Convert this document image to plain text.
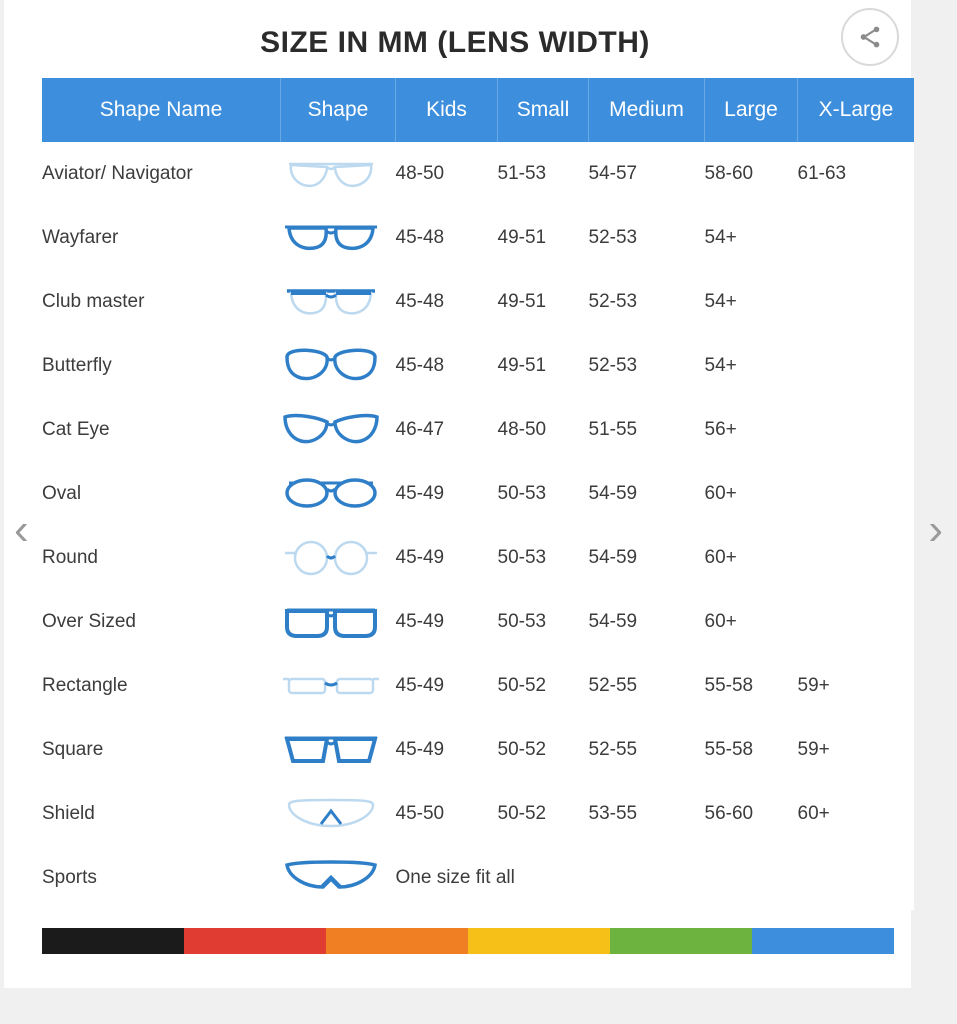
SIZE IN MM (LENS WIDTH)
Shape Name	Shape	Kids	Small	Medium	Large	X-Large
Aviator/ Navigator		48-50	51-53	54-57	58-60	61-63
Wayfarer		45-48	49-51	52-53	54+	
Club master		45-48	49-51	52-53	54+	
Butterfly		45-48	49-51	52-53	54+	
Cat Eye		46-47	48-50	51-55	56+	
Oval		45-49	50-53	54-59	60+	
Round		45-49	50-53	54-59	60+	
Over Sized		45-49	50-53	54-59	60+	
Rectangle		45-49	50-52	52-55	55-58	59+
Square		45-49	50-52	52-55	55-58	59+
Shield		45-50	50-52	53-55	56-60	60+
Sports		One size fit all				
‹	›
